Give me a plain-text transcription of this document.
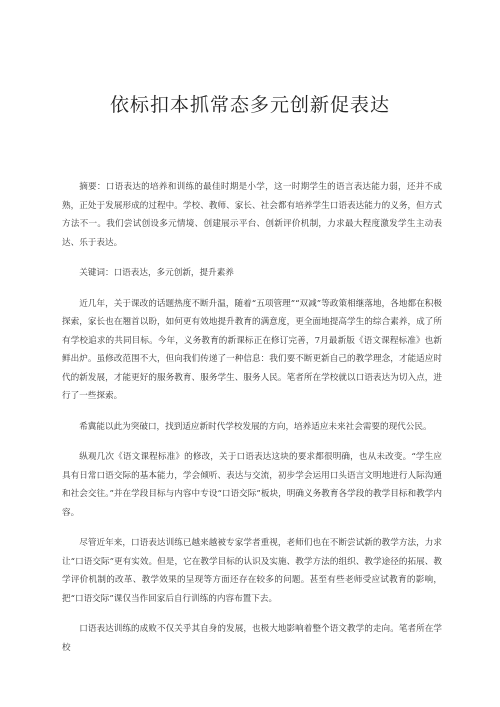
依标扣本抓常态多元创新促表达

摘要：口语表达的培养和训练的最佳时期是小学，这一时期学生的语言表达能力弱，还并不成熟，正处于发展形成的过程中。学校、教师、家长、社会都有培养学生口语表达能力的义务，但方式方法不一。我们尝试创设多元情境、创建展示平台、创新评价机制，力求最大程度激发学生主动表达、乐于表达。

关键词：口语表达，多元创新，提升素养

近几年，关于课改的话题热度不断升温，随着“五项管理”“双减”等政策相继落地，各地都在积极探索，家长也在翘首以盼，如何更有效地提升教育的满意度，更全面地提高学生的综合素养，成了所有学校追求的共同目标。今年，义务教育的新课标正在修订完善，7月最新版《语文课程标准》也新鲜出炉。虽修改范围不大，但向我们传递了一种信息：我们要不断更新自己的教学理念，才能适应时代的新发展，才能更好的服务教育、服务学生、服务人民。笔者所在学校就以口语表达为切入点，进行了一些探索。

希冀能以此为突破口，找到适应新时代学校发展的方向，培养适应未来社会需要的现代公民。

纵观几次《语文课程标准》的修改，关于口语表达这块的要求都很明确，也从未改变。“学生应具有日常口语交际的基本能力，学会倾听、表达与交流，初步学会运用口头语言文明地进行人际沟通和社会交往。”并在学段目标与内容中专设“口语交际”板块，明确义务教育各学段的教学目标和教学内容。

尽管近年来，口语表达训练已越来越被专家学者重视，老师们也在不断尝试新的教学方法，力求让“口语交际”更有实效。但是，它在教学目标的认识及实施、教学方法的组织、教学途径的拓展、教学评价机制的改革、教学效果的呈现等方面还存在较多的问题。甚至有些老师受应试教育的影响，把“口语交际”课仅当作回家后自行训练的内容布置下去。

口语表达训练的成败不仅关乎其自身的发展，也极大地影响着整个语文教学的走向。笔者所在学校
